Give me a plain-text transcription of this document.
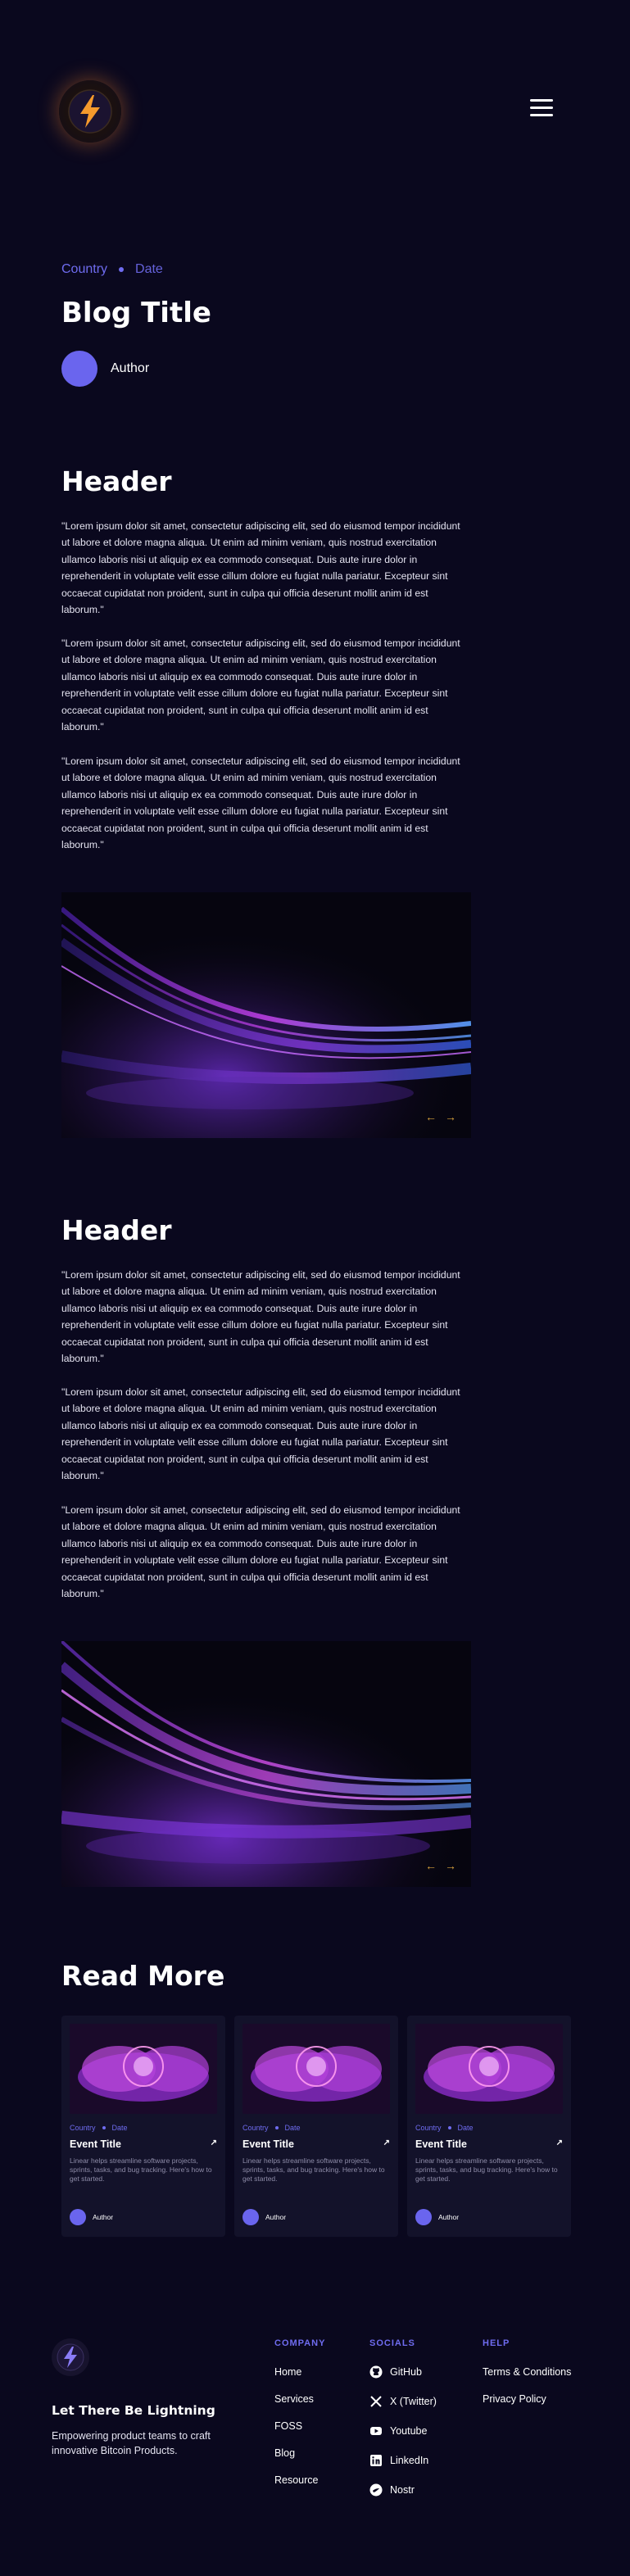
Country Date
Blog Title
Author
Header

"Lorem ipsum dolor sit amet, consectetur adipiscing elit, sed do eiusmod tempor incididunt ut labore et dolore magna aliqua. Ut enim ad minim veniam, quis nostrud exercitation ullamco laboris nisi ut aliquip ex ea commodo consequat. Duis aute irure dolor in reprehenderit in voluptate velit esse cillum dolore eu fugiat nulla pariatur. Excepteur sint occaecat cupidatat non proident, sunt in culpa qui officia deserunt mollit anim id est laborum."

"Lorem ipsum dolor sit amet, consectetur adipiscing elit, sed do eiusmod tempor incididunt ut labore et dolore magna aliqua. Ut enim ad minim veniam, quis nostrud exercitation ullamco laboris nisi ut aliquip ex ea commodo consequat. Duis aute irure dolor in reprehenderit in voluptate velit esse cillum dolore eu fugiat nulla pariatur. Excepteur sint occaecat cupidatat non proident, sunt in culpa qui officia deserunt mollit anim id est laborum."

"Lorem ipsum dolor sit amet, consectetur adipiscing elit, sed do eiusmod tempor incididunt ut labore et dolore magna aliqua. Ut enim ad minim veniam, quis nostrud exercitation ullamco laboris nisi ut aliquip ex ea commodo consequat. Duis aute irure dolor in reprehenderit in voluptate velit esse cillum dolore eu fugiat nulla pariatur. Excepteur sint occaecat cupidatat non proident, sunt in culpa qui officia deserunt mollit anim id est laborum."

← →
Header

"Lorem ipsum dolor sit amet, consectetur adipiscing elit, sed do eiusmod tempor incididunt ut labore et dolore magna aliqua. Ut enim ad minim veniam, quis nostrud exercitation ullamco laboris nisi ut aliquip ex ea commodo consequat. Duis aute irure dolor in reprehenderit in voluptate velit esse cillum dolore eu fugiat nulla pariatur. Excepteur sint occaecat cupidatat non proident, sunt in culpa qui officia deserunt mollit anim id est laborum."

"Lorem ipsum dolor sit amet, consectetur adipiscing elit, sed do eiusmod tempor incididunt ut labore et dolore magna aliqua. Ut enim ad minim veniam, quis nostrud exercitation ullamco laboris nisi ut aliquip ex ea commodo consequat. Duis aute irure dolor in reprehenderit in voluptate velit esse cillum dolore eu fugiat nulla pariatur. Excepteur sint occaecat cupidatat non proident, sunt in culpa qui officia deserunt mollit anim id est laborum."

"Lorem ipsum dolor sit amet, consectetur adipiscing elit, sed do eiusmod tempor incididunt ut labore et dolore magna aliqua. Ut enim ad minim veniam, quis nostrud exercitation ullamco laboris nisi ut aliquip ex ea commodo consequat. Duis aute irure dolor in reprehenderit in voluptate velit esse cillum dolore eu fugiat nulla pariatur. Excepteur sint occaecat cupidatat non proident, sunt in culpa qui officia deserunt mollit anim id est laborum."

← →
Read More
Country Date
Event Title	↗
Linear helps streamline software projects, sprints, tasks, and bug tracking. Here's how to get started.
Author
Country Date
Event Title	↗
Linear helps streamline software projects, sprints, tasks, and bug tracking. Here's how to get started.
Author
Country Date
Event Title	↗
Linear helps streamline software projects, sprints, tasks, and bug tracking. Here's how to get started.
Author
Let There Be Lightning
Empowering product teams to craft innovative Bitcoin Products.
COMPANY
Home
Services
FOSS
Blog
Resource
SOCIALS
GitHub
X (Twitter)
Youtube
LinkedIn
Nostr
HELP
Terms & Conditions
Privacy Policy
